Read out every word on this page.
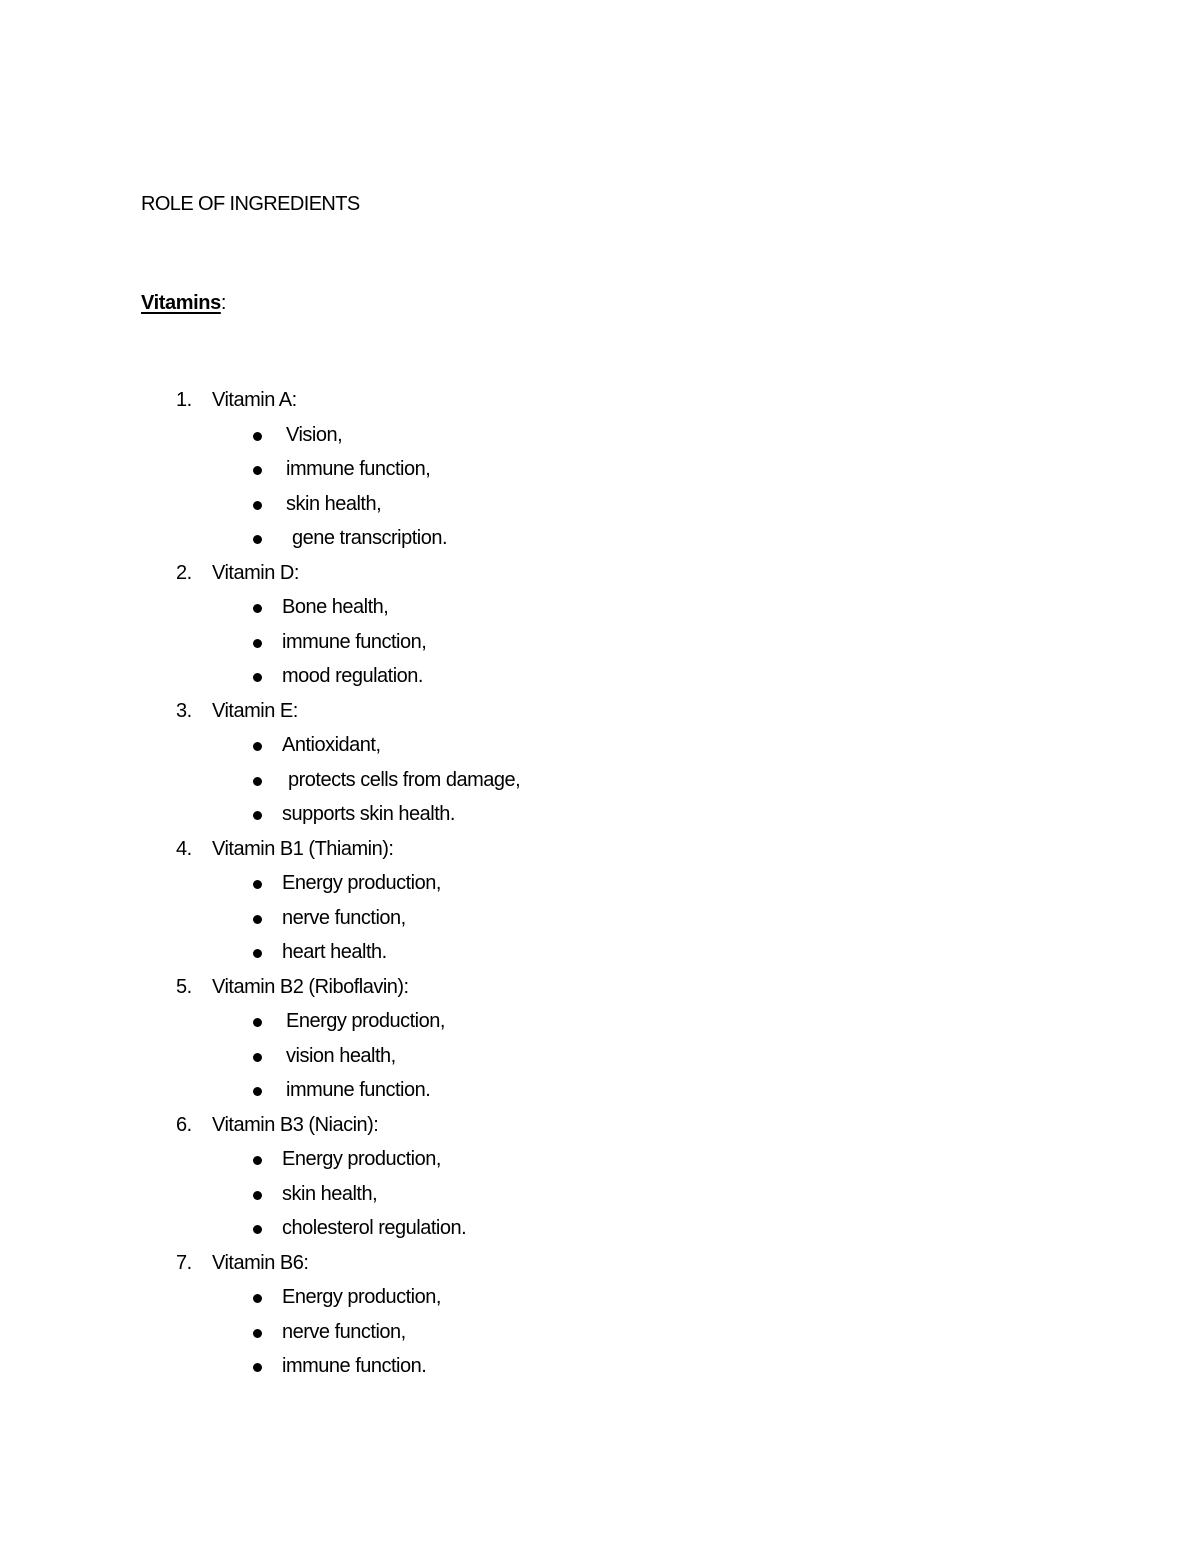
ROLE OF INGREDIENTS
Vitamins:
1. Vitamin A:
Vision,
immune function,
skin health,
gene transcription.
2. Vitamin D:
Bone health,
immune function,
mood regulation.
3. Vitamin E:
Antioxidant,
protects cells from damage,
supports skin health.
4. Vitamin B1 (Thiamin):
Energy production,
nerve function,
heart health.
5. Vitamin B2 (Riboflavin):
Energy production,
vision health,
immune function.
6. Vitamin B3 (Niacin):
Energy production,
skin health,
cholesterol regulation.
7. Vitamin B6:
Energy production,
nerve function,
immune function.
